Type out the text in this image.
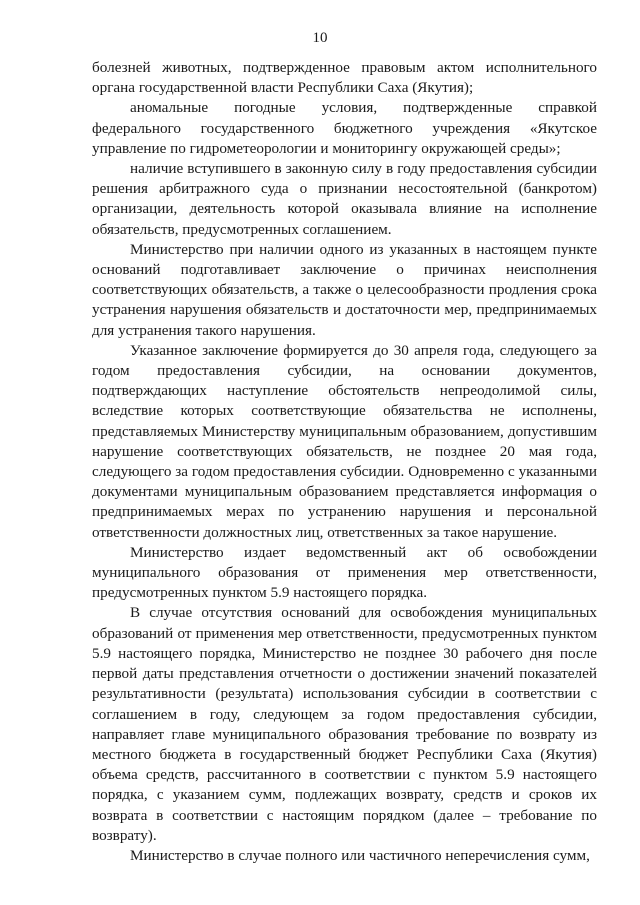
10

болезней животных, подтвержденное правовым актом исполнительного органа государственной власти Республики Саха (Якутия);

аномальные погодные условия, подтвержденные справкой федерального государственного бюджетного учреждения «Якутское управление по гидрометеорологии и мониторингу окружающей среды»;

наличие вступившего в законную силу в году предоставления субсидии решения арбитражного суда о признании несостоятельной (банкротом) организации, деятельность которой оказывала влияние на исполнение обязательств, предусмотренных соглашением.

Министерство при наличии одного из указанных в настоящем пункте оснований подготавливает заключение о причинах неисполнения соответствующих обязательств, а также о целесообразности продления срока устранения нарушения обязательств и достаточности мер, предпринимаемых для устранения такого нарушения.

Указанное заключение формируется до 30 апреля года, следующего за годом предоставления субсидии, на основании документов, подтверждающих наступление обстоятельств непреодолимой силы, вследствие которых соответствующие обязательства не исполнены, представляемых Министерству муниципальным образованием, допустившим нарушение соответствующих обязательств, не позднее 20 мая года, следующего за годом предоставления субсидии. Одновременно с указанными документами муниципальным образованием представляется информация о предпринимаемых мерах по устранению нарушения и персональной ответственности должностных лиц, ответственных за такое нарушение.

Министерство издает ведомственный акт об освобождении муниципального образования от применения мер ответственности, предусмотренных пунктом 5.9 настоящего порядка.

В случае отсутствия оснований для освобождения муниципальных образований от применения мер ответственности, предусмотренных пунктом 5.9 настоящего порядка, Министерство не позднее 30 рабочего дня после первой даты представления отчетности о достижении значений показателей результативности (результата) использования субсидии в соответствии с соглашением в году, следующем за годом предоставления субсидии, направляет главе муниципального образования требование по возврату из местного бюджета в государственный бюджет Республики Саха (Якутия) объема средств, рассчитанного в соответствии с пунктом 5.9 настоящего порядка, с указанием сумм, подлежащих возврату, средств и сроков их возврата в соответствии с настоящим порядком (далее – требование по возврату).

Министерство в случае полного или частичного неперечисления сумм,
